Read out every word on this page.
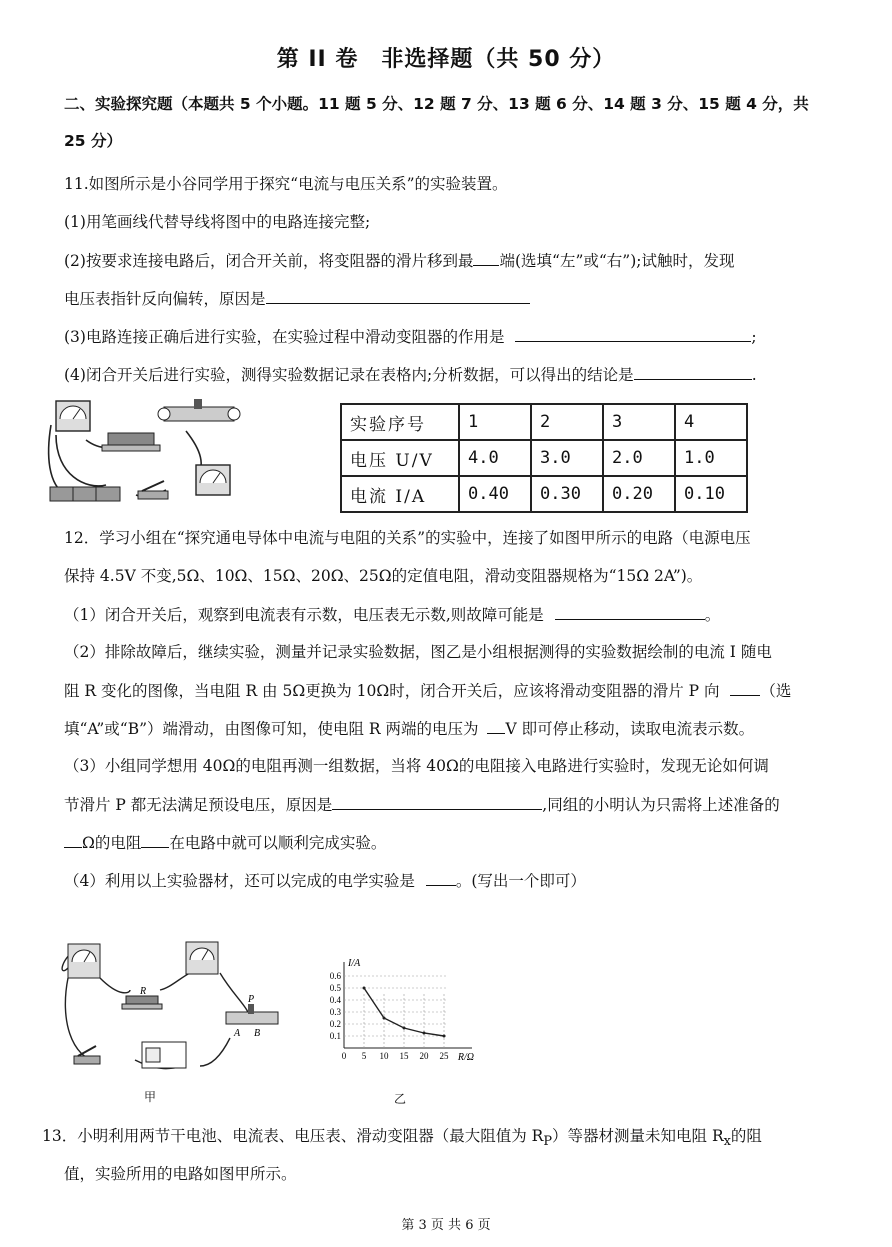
第 II 卷　非选择题（共 50 分）
二、实验探究题（本题共 5 个小题。11 题 5 分、12 题 7 分、13 题 6 分、14 题 3 分、15 题 4 分，共 25 分）
11.如图所示是小谷同学用于探究“电流与电压关系”的实验装置。
(1)用笔画线代替导线将图中的电路连接完整;
(2)按要求连接电路后，闭合开关前，将变阻器的滑片移到最 端(选填“左”或“右”);试触时，发现
电压表指针反向偏转，原因是
(3)电路连接正确后进行实验，在实验过程中滑动变阻器的作用是	;
(4)闭合开关后进行实验，测得实验数据记录在表格内;分析数据，可以得出的结论是	.
实验序号	1	2	3	4
电压 U/V	4.0	3.0	2.0	1.0
电流 I/A	0.40	0.30	0.20	0.10
12．学习小组在“探究通电导体中电流与电阻的关系”的实验中，连接了如图甲所示的电路（电源电压
保持 4.5V 不变,5Ω、10Ω、15Ω、20Ω、25Ω的定值电阻，滑动变阻器规格为“15Ω 2A”)。
（1）闭合开关后，观察到电流表有示数，电压表无示数,则故障可能是	。
（2）排除故障后，继续实验，测量并记录实验数据，图乙是小组根据测得的实验数据绘制的电流 I 随电
阻 R 变化的图像，当电阻 R 由 5Ω更换为 10Ω时，闭合开关后，应该将滑动变阻器的滑片 P 向	（选
填“A”或“B”）端滑动，由图像可知，使电阻 R 两端的电压为 V 即可停止移动，读取电流表示数。
（3）小组同学想用 40Ω的电阻再测一组数据，当将 40Ω的电阻接入电路进行实验时，发现无论如何调
节滑片 P 都无法满足预设电压，原因是	,同组的小明认为只需将上述准备的
Ω的电阻 在电路中就可以顺利完成实验。
（4）利用以上实验器材，还可以完成的电学实验是	。(写出一个即可）
R
P
A B
甲
0 5 10 15 20 25
0.1
0.2
0.3
0.4
0.5
0.6
I/A
R/Ω
乙
13．小明利用两节干电池、电流表、电压表、滑动变阻器（最大阻值为 $R_P$）等器材测量未知电阻 $R_x$的阻
值，实验所用的电路如图甲所示。
第 3 页 共 6 页
